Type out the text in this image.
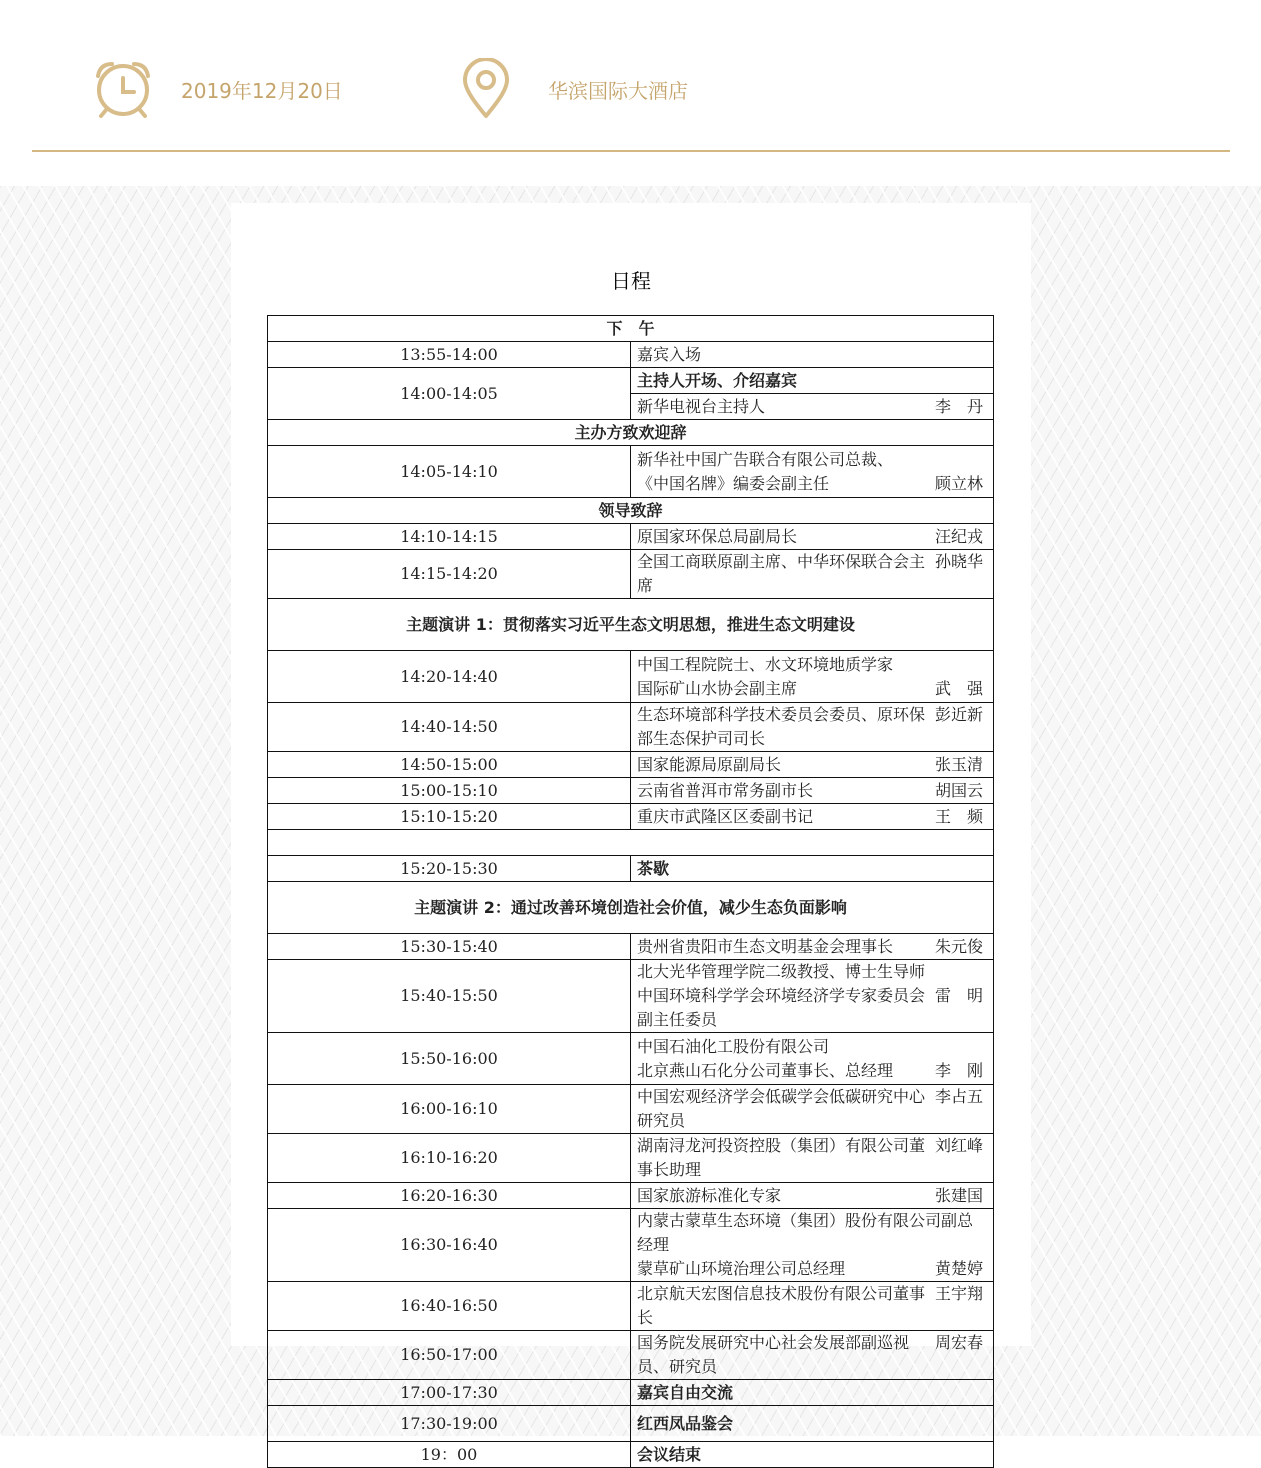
2019年12月20日	华滨国际大酒店
日程
下　午	
13:55-14:00	嘉宾入场
14:00-14:05	主持人开场、介绍嘉宾

	新华电视台主持人 李　丹

主办方致欢迎辞	
14:05-14:10	新华社中国广告联合有限公司总裁、
《中国名牌》编委会副主任 顾立林

领导致辞	
14:10-14:15	原国家环保总局副局长 汪纪戎

14:15-14:20	全国工商联原副主席、中华环保联合会主席
孙晓华

主题演讲 1：贯彻落实习近平生态文明思想，推进生态文明建设	
14:20-14:40	中国工程院院士、水文环境地质学家
国际矿山水协会副主席 武　强

14:40-14:50	生态环境部科学技术委员会委员、原环保部生态保护司司长
彭近新

14:50-15:00	国家能源局原副局长 张玉清

15:00-15:10	云南省普洱市常务副市长 胡国云

15:10-15:20	重庆市武隆区区委副书记 王　频

15:20-15:30	茶歇
主题演讲 2：通过改善环境创造社会价值，减少生态负面影响	
15:30-15:40	贵州省贵阳市生态文明基金会理事长 朱元俊

15:40-15:50	北大光华管理学院二级教授、博士生导师
中国环境科学学会环境经济学专家委员会副主任委员
雷　明

15:50-16:00	中国石油化工股份有限公司
北京燕山石化分公司董事长、总经理 李　刚

16:00-16:10	中国宏观经济学会低碳学会低碳研究中心研究员
李占五

16:10-16:20	湖南浔龙河投资控股（集团）有限公司董事长助理
刘红峰

16:20-16:30	国家旅游标准化专家 张建国

16:30-16:40	内蒙古蒙草生态环境（集团）股份有限公司副总经理
蒙草矿山环境治理公司总经理 黄楚婷

16:40-16:50	北京航天宏图信息技术股份有限公司董事长
王宇翔

16:50-17:00	国务院发展研究中心社会发展部副巡视员、研究员
周宏春

17:00-17:30	嘉宾自由交流
17:30-19:00	红西凤品鉴会
19：00	会议结束
